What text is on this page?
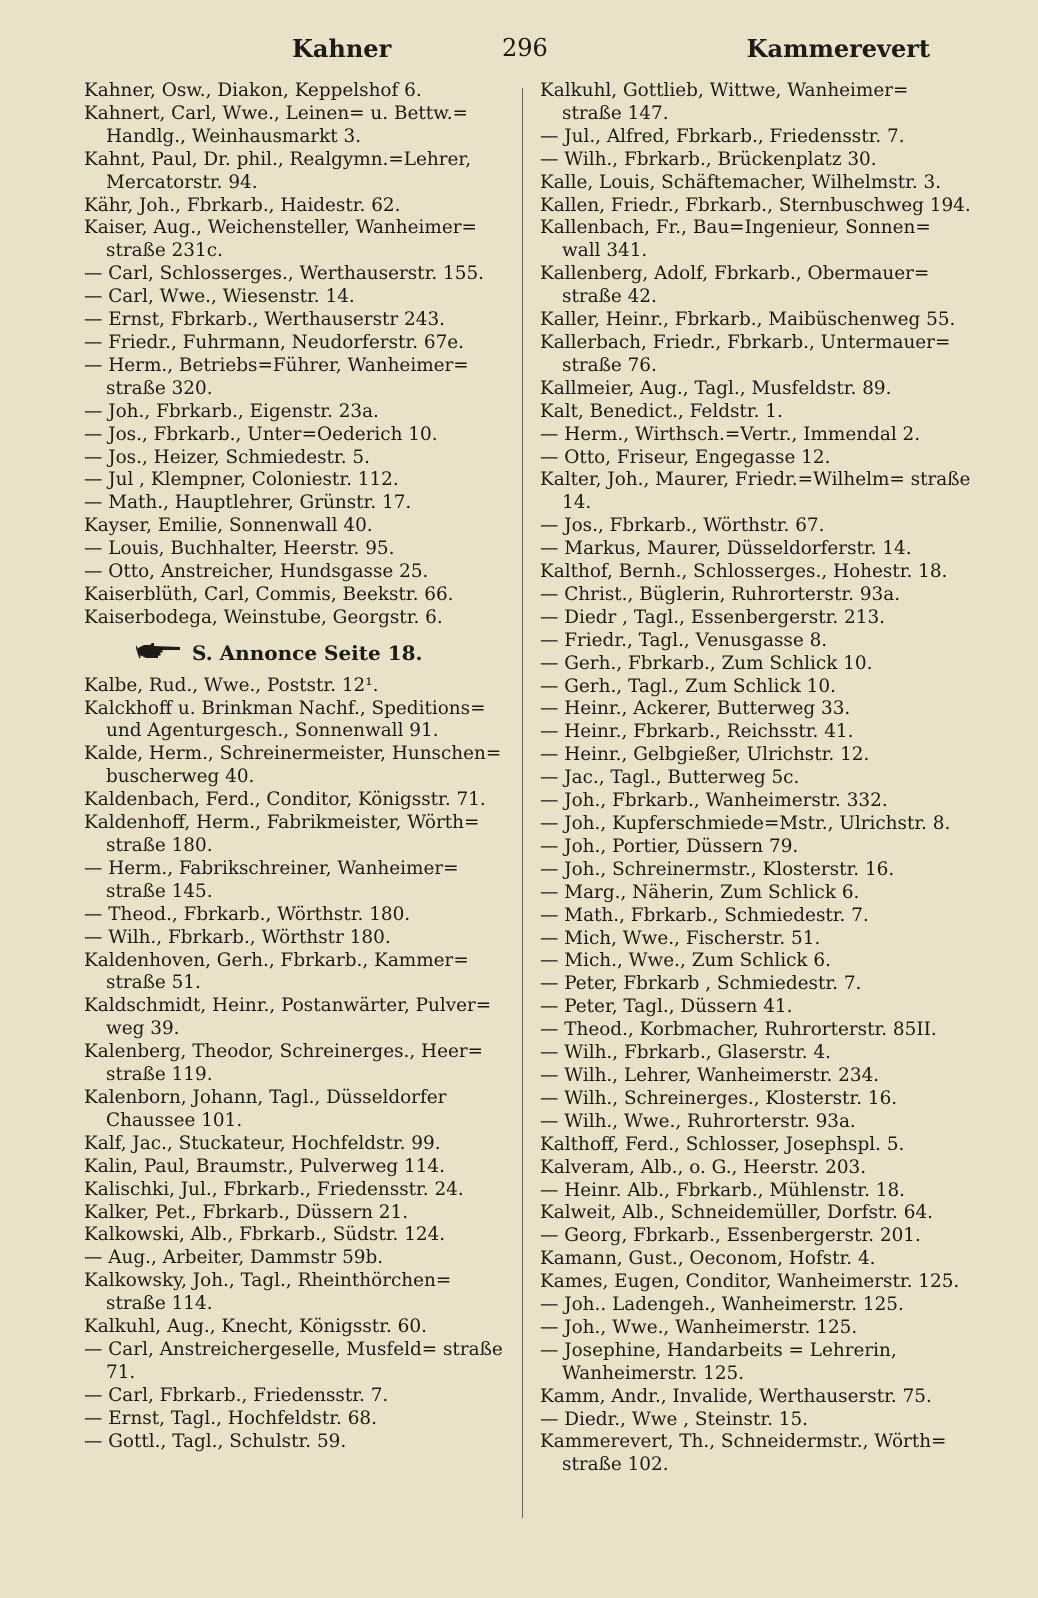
Kahner	296	Kammerevert
Kahner, Osw., Diakon, Keppelshof 6.
Kahnert, Carl, Wwe., Leinen= u. Bettw.= Handlg., Weinhausmarkt 3.
Kahnt, Paul, Dr. phil., Realgymn.=Lehrer, Mercatorstr. 94.
Kähr, Joh., Fbrkarb., Haidestr. 62.
Kaiser, Aug., Weichensteller, Wanheimer= straße 231c.
— Carl, Schlosserges., Werthauserstr. 155.
— Carl, Wwe., Wiesenstr. 14.
— Ernst, Fbrkarb., Werthauserstr 243.
— Friedr., Fuhrmann, Neudorferstr. 67e.
— Herm., Betriebs=Führer, Wanheimer= straße 320.
— Joh., Fbrkarb., Eigenstr. 23a.
— Jos., Fbrkarb., Unter=Oederich 10.
— Jos., Heizer, Schmiedestr. 5.
— Jul , Klempner, Coloniestr. 112.
— Math., Hauptlehrer, Grünstr. 17.
Kayser, Emilie, Sonnenwall 40.
— Louis, Buchhalter, Heerstr. 95.
— Otto, Anstreicher, Hundsgasse 25.
Kaiserblüth, Carl, Commis, Beekstr. 66.
Kaiserbodega, Weinstube, Georgstr. 6.
S. Annonce Seite 18.
Kalbe, Rud., Wwe., Poststr. 12¹.
Kalckhoff u. Brinkman Nachf., Speditions= und Agenturgesch., Sonnenwall 91.
Kalde, Herm., Schreinermeister, Hunschen= buscherweg 40.
Kaldenbach, Ferd., Conditor, Königsstr. 71.
Kaldenhoff, Herm., Fabrikmeister, Wörth= straße 180.
— Herm., Fabrikschreiner, Wanheimer= straße 145.
— Theod., Fbrkarb., Wörthstr. 180.
— Wilh., Fbrkarb., Wörthstr 180.
Kaldenhoven, Gerh., Fbrkarb., Kammer= straße 51.
Kaldschmidt, Heinr., Postanwärter, Pulver= weg 39.
Kalenberg, Theodor, Schreinerges., Heer= straße 119.
Kalenborn, Johann, Tagl., Düsseldorfer Chaussee 101.
Kalf, Jac., Stuckateur, Hochfeldstr. 99.
Kalin, Paul, Braumstr., Pulverweg 114.
Kalischki, Jul., Fbrkarb., Friedensstr. 24.
Kalker, Pet., Fbrkarb., Düssern 21.
Kalkowski, Alb., Fbrkarb., Südstr. 124.
— Aug., Arbeiter, Dammstr 59b.
Kalkowsky, Joh., Tagl., Rheinthörchen= straße 114.
Kalkuhl, Aug., Knecht, Königsstr. 60.
— Carl, Anstreichergeselle, Musfeld= straße 71.
— Carl, Fbrkarb., Friedensstr. 7.
— Ernst, Tagl., Hochfeldstr. 68.
— Gottl., Tagl., Schulstr. 59.
Kalkuhl, Gottlieb, Wittwe, Wanheimer= straße 147.
— Jul., Alfred, Fbrkarb., Friedensstr. 7.
— Wilh., Fbrkarb., Brückenplatz 30.
Kalle, Louis, Schäftemacher, Wilhelmstr. 3.
Kallen, Friedr., Fbrkarb., Sternbuschweg 194.
Kallenbach, Fr., Bau=Ingenieur, Sonnen= wall 341.
Kallenberg, Adolf, Fbrkarb., Obermauer= straße 42.
Kaller, Heinr., Fbrkarb., Maibüschenweg 55.
Kallerbach, Friedr., Fbrkarb., Untermauer= straße 76.
Kallmeier, Aug., Tagl., Musfeldstr. 89.
Kalt, Benedict., Feldstr. 1.
— Herm., Wirthsch.=Vertr., Immendal 2.
— Otto, Friseur, Engegasse 12.
Kalter, Joh., Maurer, Friedr.=Wilhelm= straße 14.
— Jos., Fbrkarb., Wörthstr. 67.
— Markus, Maurer, Düsseldorferstr. 14.
Kalthof, Bernh., Schlosserges., Hohestr. 18.
— Christ., Büglerin, Ruhrorterstr. 93a.
— Diedr , Tagl., Essenbergerstr. 213.
— Friedr., Tagl., Venusgasse 8.
— Gerh., Fbrkarb., Zum Schlick 10.
— Gerh., Tagl., Zum Schlick 10.
— Heinr., Ackerer, Butterweg 33.
— Heinr., Fbrkarb., Reichsstr. 41.
— Heinr., Gelbgießer, Ulrichstr. 12.
— Jac., Tagl., Butterweg 5c.
— Joh., Fbrkarb., Wanheimerstr. 332.
— Joh., Kupferschmiede=Mstr., Ulrichstr. 8.
— Joh., Portier, Düssern 79.
— Joh., Schreinermstr., Klosterstr. 16.
— Marg., Näherin, Zum Schlick 6.
— Math., Fbrkarb., Schmiedestr. 7.
— Mich, Wwe., Fischerstr. 51.
— Mich., Wwe., Zum Schlick 6.
— Peter, Fbrkarb , Schmiedestr. 7.
— Peter, Tagl., Düssern 41.
— Theod., Korbmacher, Ruhrorterstr. 85II.
— Wilh., Fbrkarb., Glaserstr. 4.
— Wilh., Lehrer, Wanheimerstr. 234.
— Wilh., Schreinerges., Klosterstr. 16.
— Wilh., Wwe., Ruhrorterstr. 93a.
Kalthoff, Ferd., Schlosser, Josephspl. 5.
Kalveram, Alb., o. G., Heerstr. 203.
— Heinr. Alb., Fbrkarb., Mühlenstr. 18.
Kalweit, Alb., Schneidemüller, Dorfstr. 64.
— Georg, Fbrkarb., Essenbergerstr. 201.
Kamann, Gust., Oeconom, Hofstr. 4.
Kames, Eugen, Conditor, Wanheimerstr. 125.
— Joh.. Ladengeh., Wanheimerstr. 125.
— Joh., Wwe., Wanheimerstr. 125.
— Josephine, Handarbeits = Lehrerin, Wanheimerstr. 125.
Kamm, Andr., Invalide, Werthauserstr. 75.
— Diedr., Wwe , Steinstr. 15.
Kammerevert, Th., Schneidermstr., Wörth= straße 102.
